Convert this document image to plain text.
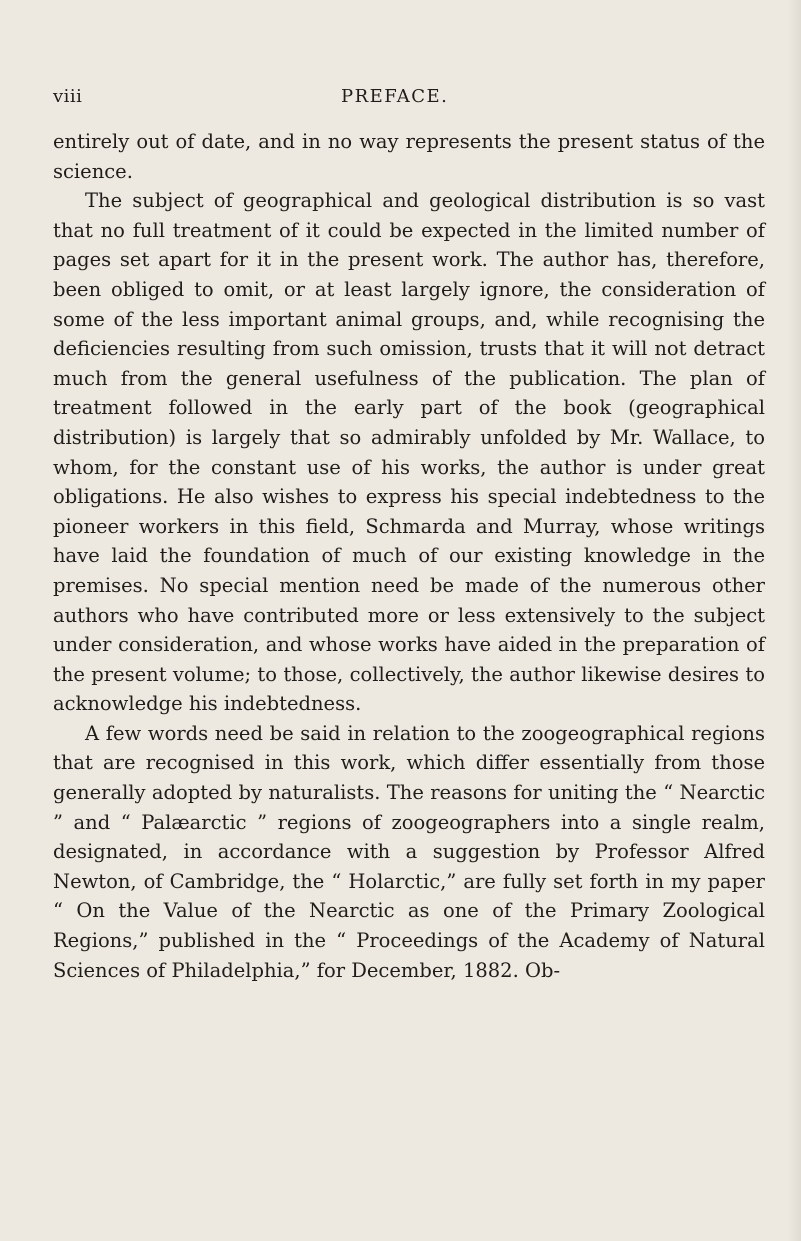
viii	PREFACE.

entirely out of date, and in no way represents the present status of the science.

The subject of geographical and geological distribution is so vast that no full treatment of it could be expected in the limited number of pages set apart for it in the present work. The author has, therefore, been obliged to omit, or at least largely ignore, the consideration of some of the less important animal groups, and, while recognising the deficiencies resulting from such omission, trusts that it will not detract much from the general usefulness of the publication. The plan of treatment followed in the early part of the book (geographical distribution) is largely that so admirably unfolded by Mr. Wallace, to whom, for the constant use of his works, the author is under great obligations. He also wishes to express his special indebtedness to the pioneer workers in this field, Schmarda and Murray, whose writings have laid the foundation of much of our existing knowledge in the premises. No special mention need be made of the numerous other authors who have contributed more or less extensively to the subject under consideration, and whose works have aided in the preparation of the present volume; to those, collectively, the author likewise desires to acknowledge his indebtedness.

A few words need be said in relation to the zoogeographical regions that are recognised in this work, which differ essentially from those generally adopted by naturalists. The reasons for uniting the “ Nearctic ” and “ Palæarctic ” regions of zoogeographers into a single realm, designated, in accordance with a suggestion by Professor Alfred Newton, of Cambridge, the “ Holarctic,” are fully set forth in my paper “ On the Value of the Nearctic as one of the Primary Zoological Regions,” published in the “ Proceedings of the Academy of Natural Sciences of Philadelphia,” for December, 1882. Ob-
